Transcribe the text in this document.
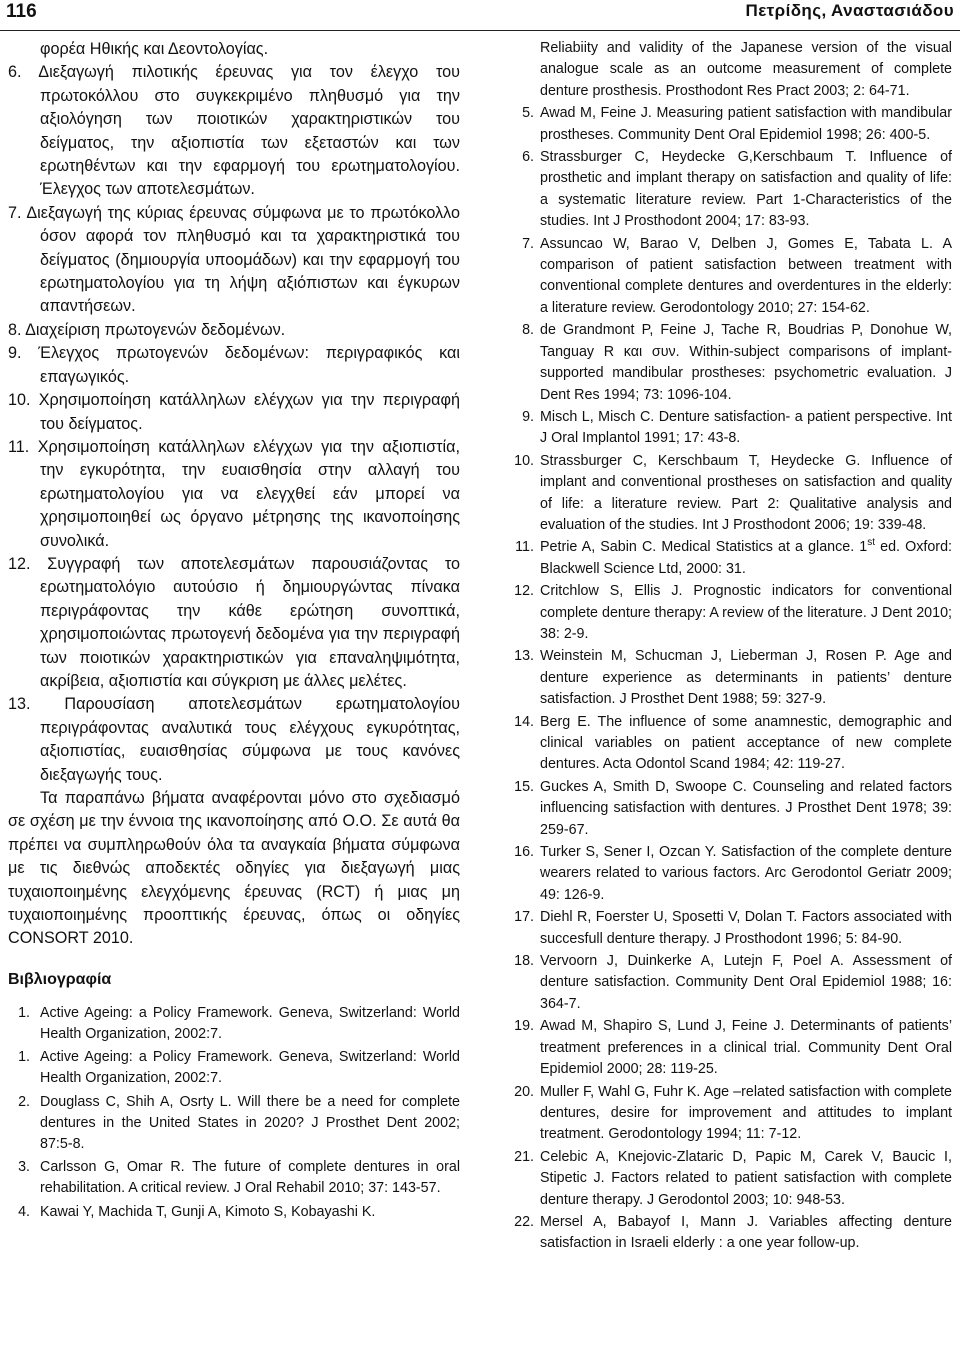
116	Πετρίδης, Αναστασιάδου

φορέα Ηθικής και Δεοντολογίας.

6. Διεξαγωγή πιλοτικής έρευνας για τον έλεγχο του πρωτοκόλλου στο συγκεκριμένο πληθυσμό για την αξιολόγηση των ποιοτικών χαρακτηριστικών του δείγματος, την αξιοπιστία των εξεταστών και των ερωτηθέντων και την εφαρμογή του ερωτηματολογίου. Έλεγχος των αποτελεσμάτων.

7. Διεξαγωγή της κύριας έρευνας σύμφωνα με το πρωτόκολλο όσον αφορά τον πληθυσμό και τα χαρακτηριστικά του δείγματος (δημιουργία υποομάδων) και την εφαρμογή του ερωτηματολογίου για τη λήψη αξιόπιστων και έγκυρων απαντήσεων.

8. Διαχείριση πρωτογενών δεδομένων.

9. Έλεγχος πρωτογενών δεδομένων: περιγραφικός και επαγωγικός.

10. Χρησιμοποίηση κατάλληλων ελέγχων για την περιγραφή του δείγματος.

11. Χρησιμοποίηση κατάλληλων ελέγχων για την αξιοπιστία, την εγκυρότητα, την ευαισθησία στην αλλαγή του ερωτηματολογίου για να ελεγχθεί εάν μπορεί να χρησιμοποιηθεί ως όργανο μέτρησης της ικανοποίησης συνολικά.

12. Συγγραφή των αποτελεσμάτων παρουσιάζοντας το ερωτηματολόγιο αυτούσιο ή δημιουργώντας πίνακα περιγράφοντας την κάθε ερώτηση συνοπτικά, χρησιμοποιώντας πρωτογενή δεδομένα για την περιγραφή των ποιοτικών χαρακτηριστικών για επαναληψιμότητα, ακρίβεια, αξιοπιστία και σύγκριση με άλλες μελέτες.

13. Παρουσίαση αποτελεσμάτων ερωτηματολογίου περιγράφοντας αναλυτικά τους ελέγχους εγκυρότητας, αξιοπιστίας, ευαισθησίας σύμφωνα με τους κανόνες διεξαγωγής τους.

Τα παραπάνω βήματα αναφέρονται μόνο στο σχεδιασμό σε σχέση με την έννοια της ικανοποίησης από Ο.Ο. Σε αυτά θα πρέπει να συμπληρωθούν όλα τα αναγκαία βήματα σύμφωνα με τις διεθνώς αποδεκτές οδηγίες για διεξαγωγή μιας τυχαιοποιημένης ελεγχόμενης έρευνας (RCT) ή μιας μη τυχαιοποιημένης προοπτικής έρευνας, όπως οι οδηγίες CONSORT 2010.

Βιβλιογραφία
1. Active Ageing: a Policy Framework. Geneva, Switzerland: World Health Organization, 2002:7.
1. Active Ageing: a Policy Framework. Geneva, Switzerland: World Health Organization, 2002:7.
2. Douglass C, Shih A, Osrty L. Will there be a need for complete dentures in the United States in 2020? J Prosthet Dent 2002; 87:5-8.
3. Carlsson G, Omar R. The future of complete dentures in oral rehabilitation. A critical review. J Oral Rehabil 2010; 37: 143-57.
4. Kawai Y, Machida T, Gunji A, Kimoto S, Kobayashi K.
Reliabiity and validity of the Japanese version of the visual analogue scale as an outcome measurement of complete denture prosthesis. Prosthodont Res Pract 2003; 2: 64-71.
5. Awad M, Feine J. Measuring patient satisfaction with mandibular prostheses. Community Dent Oral Epidemiol 1998; 26: 400-5.
6. Strassburger C, Heydecke G,Kerschbaum T. Influence of prosthetic and implant therapy on satisfaction and quality of life: a systematic literature review. Part 1-Characteristics of the studies. Int J Prosthodont 2004; 17: 83-93.
7. Assuncao W, Barao V, Delben J, Gomes E, Tabata L. A comparison of patient satisfaction between treatment with conventional complete dentures and overdentures in the elderly: a literature review. Gerodontology 2010; 27: 154-62.
8. de Grandmont P, Feine J, Tache R, Boudrias P, Donohue W, Tanguay R και συν. Within-subject comparisons of implant-supported mandibular prostheses: psychometric evaluation. J Dent Res 1994; 73: 1096-104.
9. Misch L, Misch C. Denture satisfaction- a patient perspective. Int J Oral Implantol 1991; 17: 43-8.
10. Strassburger C, Kerschbaum T, Heydecke G. Influence of implant and conventional prostheses on satisfaction and quality of life: a literature review. Part 2: Qualitative analysis and evaluation of the studies. Int J Prosthodont 2006; 19: 339-48.
11. Petrie A, Sabin C. Medical Statistics at a glance. 1st ed. Oxford: Blackwell Science Ltd, 2000: 31.
12. Critchlow S, Ellis J. Prognostic indicators for conventional complete denture therapy: A review of the literature. J Dent 2010; 38: 2-9.
13. Weinstein M, Schucman J, Lieberman J, Rosen P. Age and denture experience as determinants in patients’ denture satisfaction. J Prosthet Dent 1988; 59: 327-9.
14. Berg E. The influence of some anamnestic, demographic and clinical variables on patient acceptance of new complete dentures. Acta Odontol Scand 1984; 42: 119-27.
15. Guckes A, Smith D, Swoope C. Counseling and related factors influencing satisfaction with dentures. J Prosthet Dent 1978; 39: 259-67.
16. Turker S, Sener I, Ozcan Y. Satisfaction of the complete denture wearers related to various factors. Arc Gerodontol Geriatr 2009; 49: 126-9.
17. Diehl R, Foerster U, Sposetti V, Dolan T. Factors associated with succesfull denture therapy. J Prosthodont 1996; 5: 84-90.
18. Vervoorn J, Duinkerke A, Lutejn F, Poel A. Assessment of denture satisfaction. Community Dent Oral Epidemiol 1988; 16: 364-7.
19. Awad M, Shapiro S, Lund J, Feine J. Determinants of patients’ treatment preferences in a clinical trial. Community Dent Oral Epidemiol 2000; 28: 119-25.
20. Muller F, Wahl G, Fuhr K. Age –related satisfaction with complete dentures, desire for improvement and attitudes to implant treatment. Gerodontology 1994; 11: 7-12.
21. Celebic A, Knejovic-Zlataric D, Papic M, Carek V, Baucic I, Stipetic J. Factors related to patient satisfaction with complete denture therapy. J Gerodontol 2003; 10: 948-53.
22. Mersel A, Babayof I, Mann J. Variables affecting denture satisfaction in Israeli elderly : a one year follow-up.
